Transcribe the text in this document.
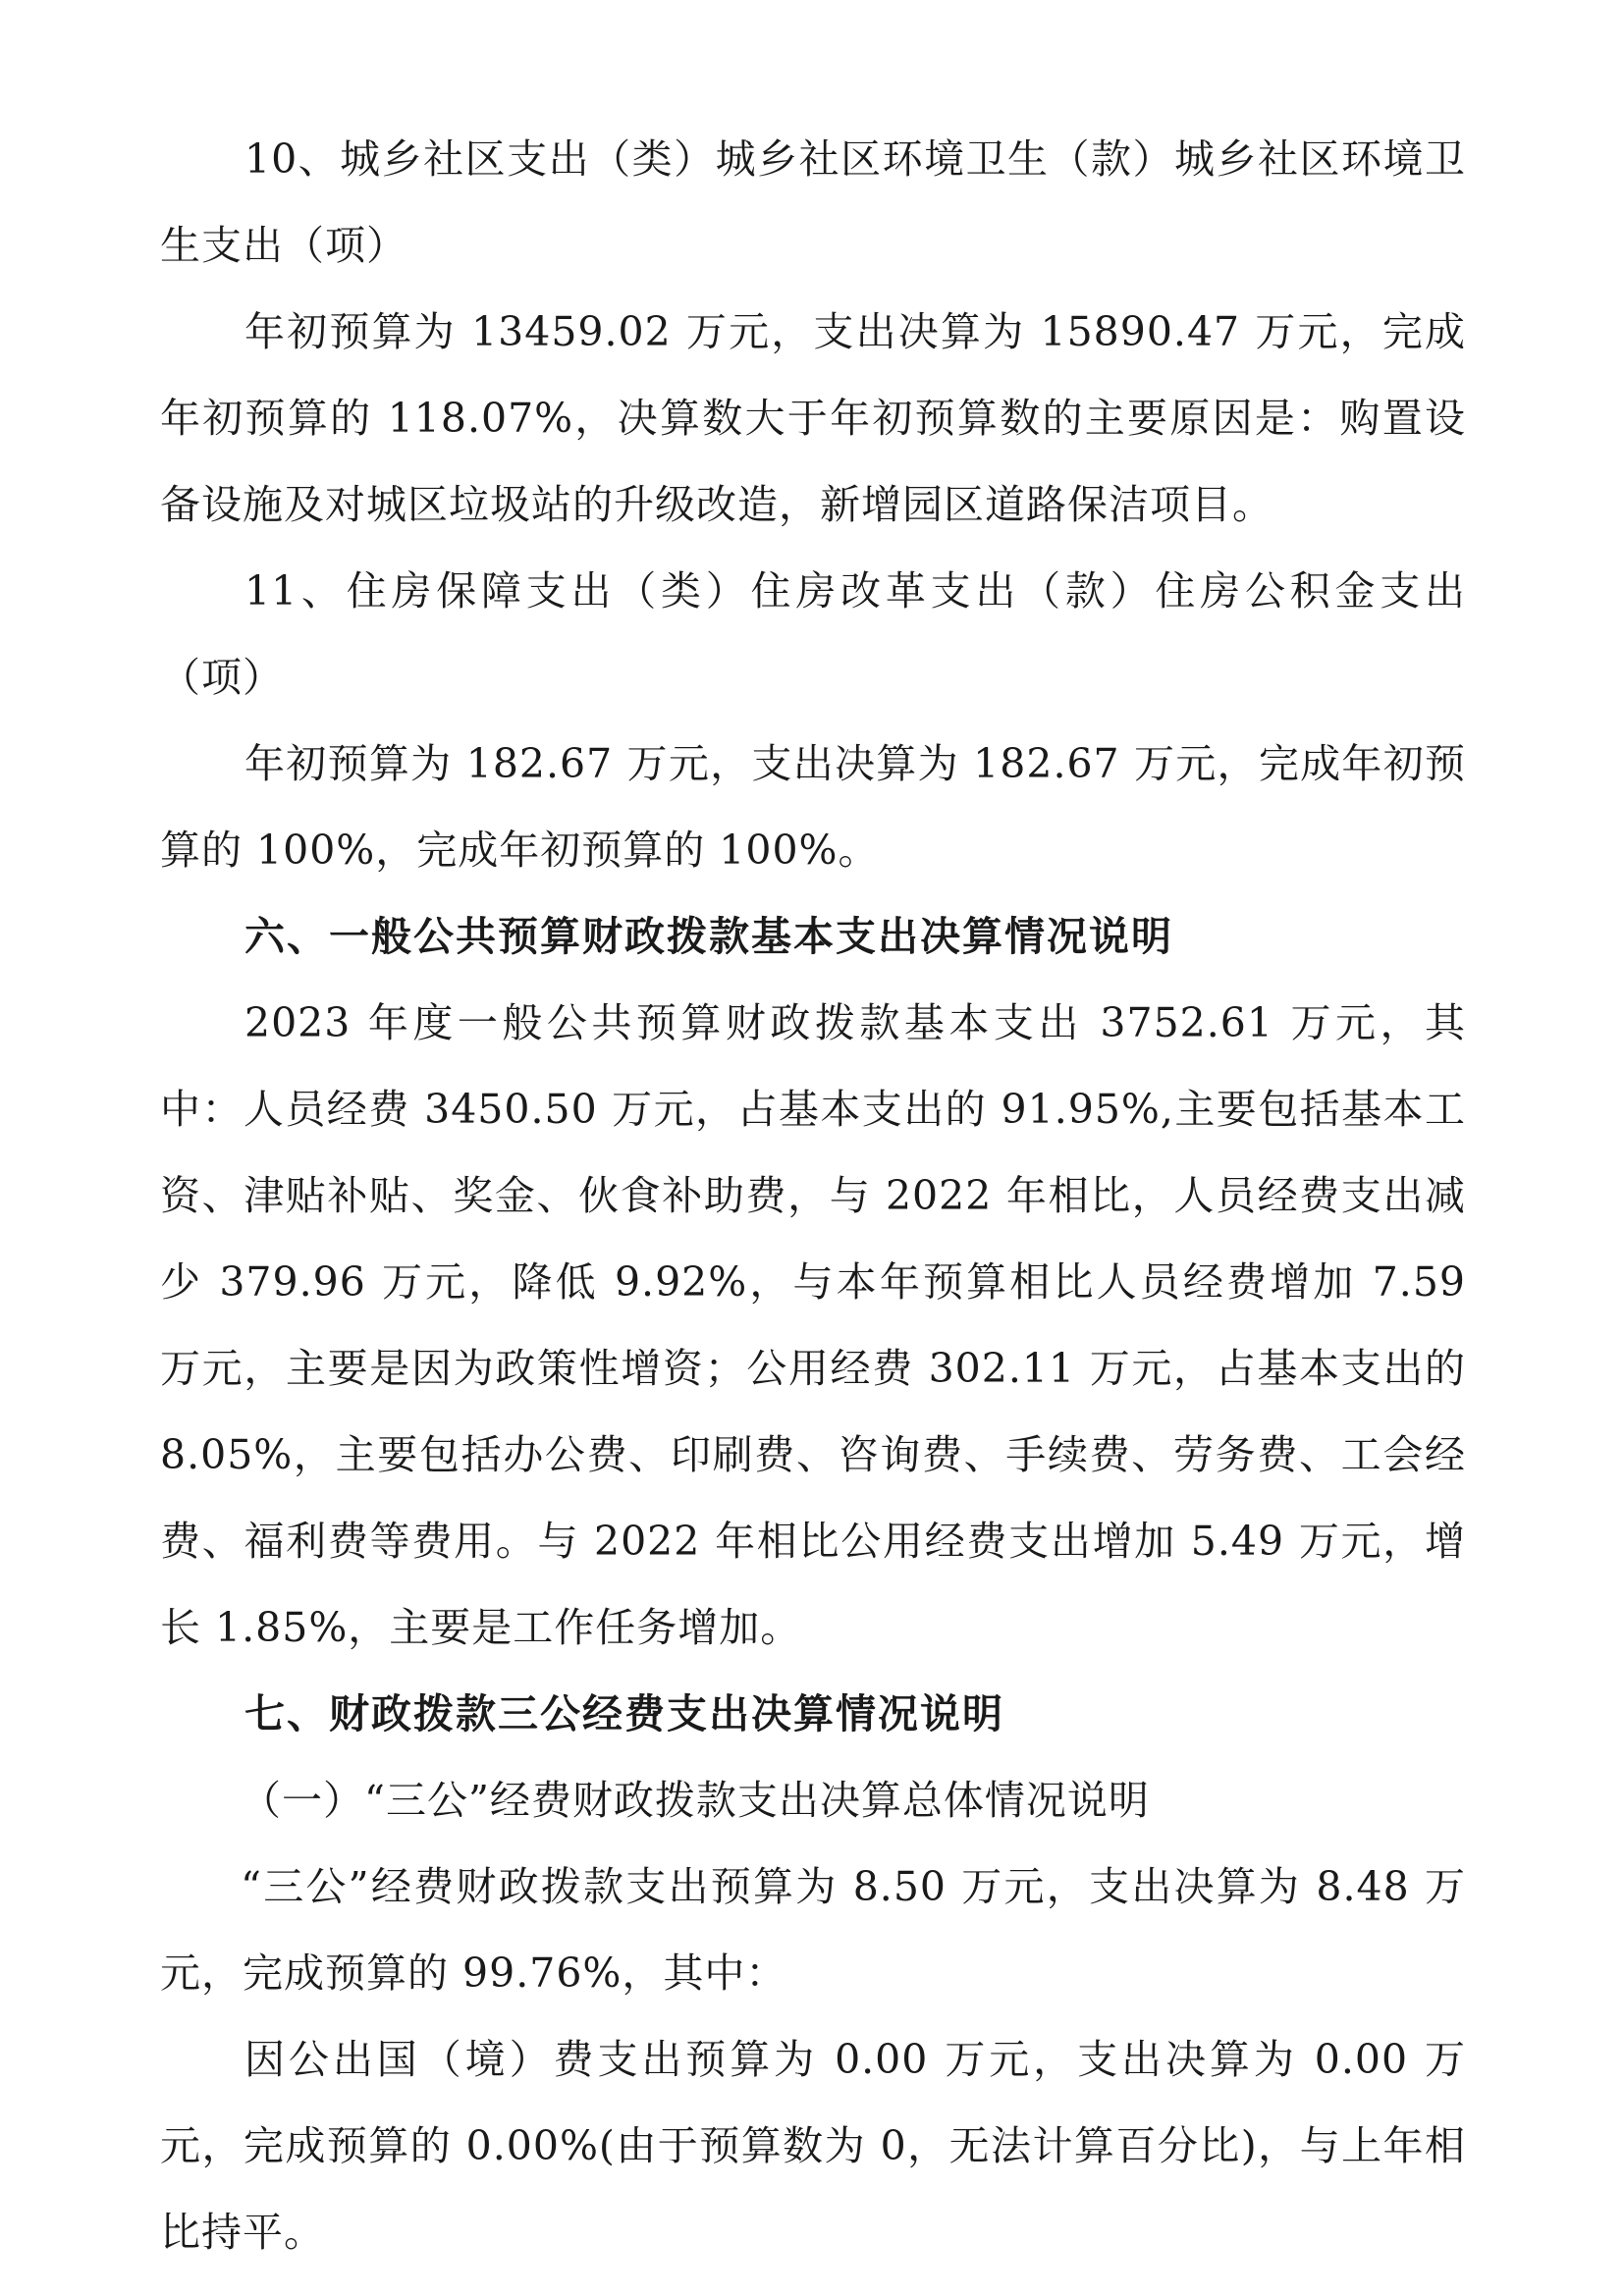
10、城乡社区支出（类）城乡社区环境卫生（款）城乡社区环境卫生支出（项）

年初预算为 13459.02 万元，支出决算为 15890.47 万元，完成年初预算的 118.07%，决算数大于年初预算数的主要原因是：购置设备设施及对城区垃圾站的升级改造，新增园区道路保洁项目。

11、住房保障支出（类）住房改革支出（款）住房公积金支出（项）

年初预算为 182.67 万元，支出决算为 182.67 万元，完成年初预算的 100%，完成年初预算的 100%。

六、一般公共预算财政拨款基本支出决算情况说明

2023 年度一般公共预算财政拨款基本支出 3752.61 万元，其中：人员经费 3450.50 万元，占基本支出的 91.95%,主要包括基本工资、津贴补贴、奖金、伙食补助费，与 2022 年相比，人员经费支出减少 379.96 万元，降低 9.92%，与本年预算相比人员经费增加 7.59 万元，主要是因为政策性增资；公用经费 302.11 万元，占基本支出的 8.05%，主要包括办公费、印刷费、咨询费、手续费、劳务费、工会经费、福利费等费用。与 2022 年相比公用经费支出增加 5.49 万元，增长 1.85%，主要是工作任务增加。

七、财政拨款三公经费支出决算情况说明

（一）“三公”经费财政拨款支出决算总体情况说明

“三公”经费财政拨款支出预算为 8.50 万元，支出决算为 8.48 万元，完成预算的 99.76%，其中：

因公出国（境）费支出预算为 0.00 万元，支出决算为 0.00 万元，完成预算的 0.00%(由于预算数为 0，无法计算百分比)，与上年相比持平。
